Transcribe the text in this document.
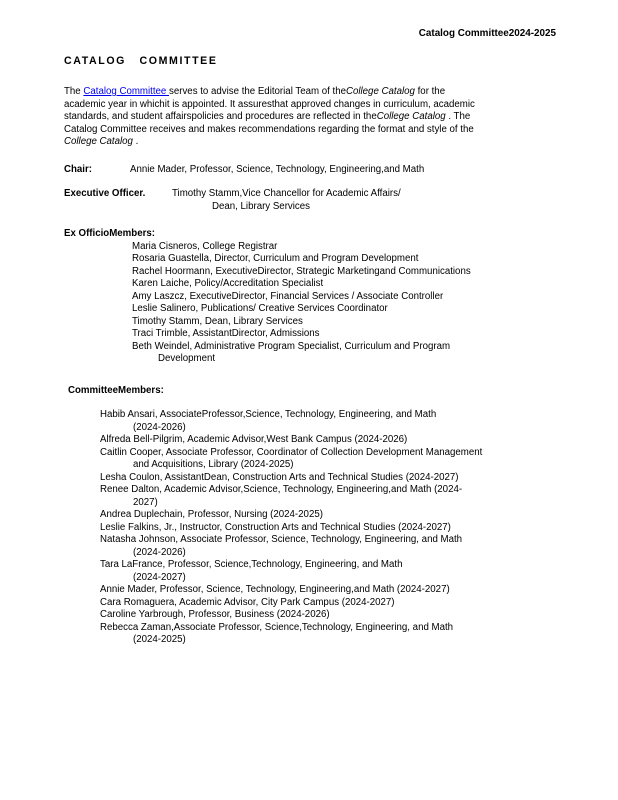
Catalog Committee2024-2025
CATALOG COMMITTEE
The Catalog Committee serves to advise the Editorial Team of theCollege Catalog for the
academic year in whichit is appointed. It assuresthat approved changes in curriculum, academic
standards, and student affairspolicies and procedures are reflected in theCollege Catalog . The
Catalog Committee receives and makes recommendations regarding the format and style of the
College Catalog .
Chair:	Annie Mader, Professor, Science, Technology, Engineering,and Math
Executive Officer.	Timothy Stamm,Vice Chancellor for Academic Affairs/
Dean, Library Services
Ex OfficioMembers:
Maria Cisneros, College Registrar
Rosaria Guastella, Director, Curriculum and Program Development
Rachel Hoormann, ExecutiveDirector, Strategic Marketingand Communications
Karen Laiche, Policy/Accreditation Specialist
Amy Laszcz, ExecutiveDirector, Financial Services / Associate Controller
Leslie Salinero, Publications/ Creative Services Coordinator
Timothy Stamm, Dean, Library Services
Traci Trimble, AssistantDirector, Admissions
Beth Weindel, Administrative Program Specialist, Curriculum and Program
Development
CommitteeMembers:
Habib Ansari, AssociateProfessor,Science, Technology, Engineering, and Math
(2024-2026)
Alfreda Bell-Pilgrim, Academic Advisor,West Bank Campus (2024-2026)
Caitlin Cooper, Associate Professor, Coordinator of Collection Development Management
and Acquisitions, Library (2024-2025)
Lesha Coulon, AssistantDean, Construction Arts and Technical Studies (2024-2027)
Renee Dalton, Academic Advisor,Science, Technology, Engineering,and Math (2024-
2027)
Andrea Duplechain, Professor, Nursing (2024-2025)
Leslie Falkins, Jr., Instructor, Construction Arts and Technical Studies (2024-2027)
Natasha Johnson, Associate Professor, Science, Technology, Engineering, and Math
(2024-2026)
Tara LaFrance, Professor, Science,Technology, Engineering, and Math
(2024-2027)
Annie Mader, Professor, Science, Technology, Engineering,and Math (2024-2027)
Cara Romaguera, Academic Advisor, City Park Campus (2024-2027)
Caroline Yarbrough, Professor, Business (2024-2026)
Rebecca Zaman,Associate Professor, Science,Technology, Engineering, and Math
(2024-2025)
